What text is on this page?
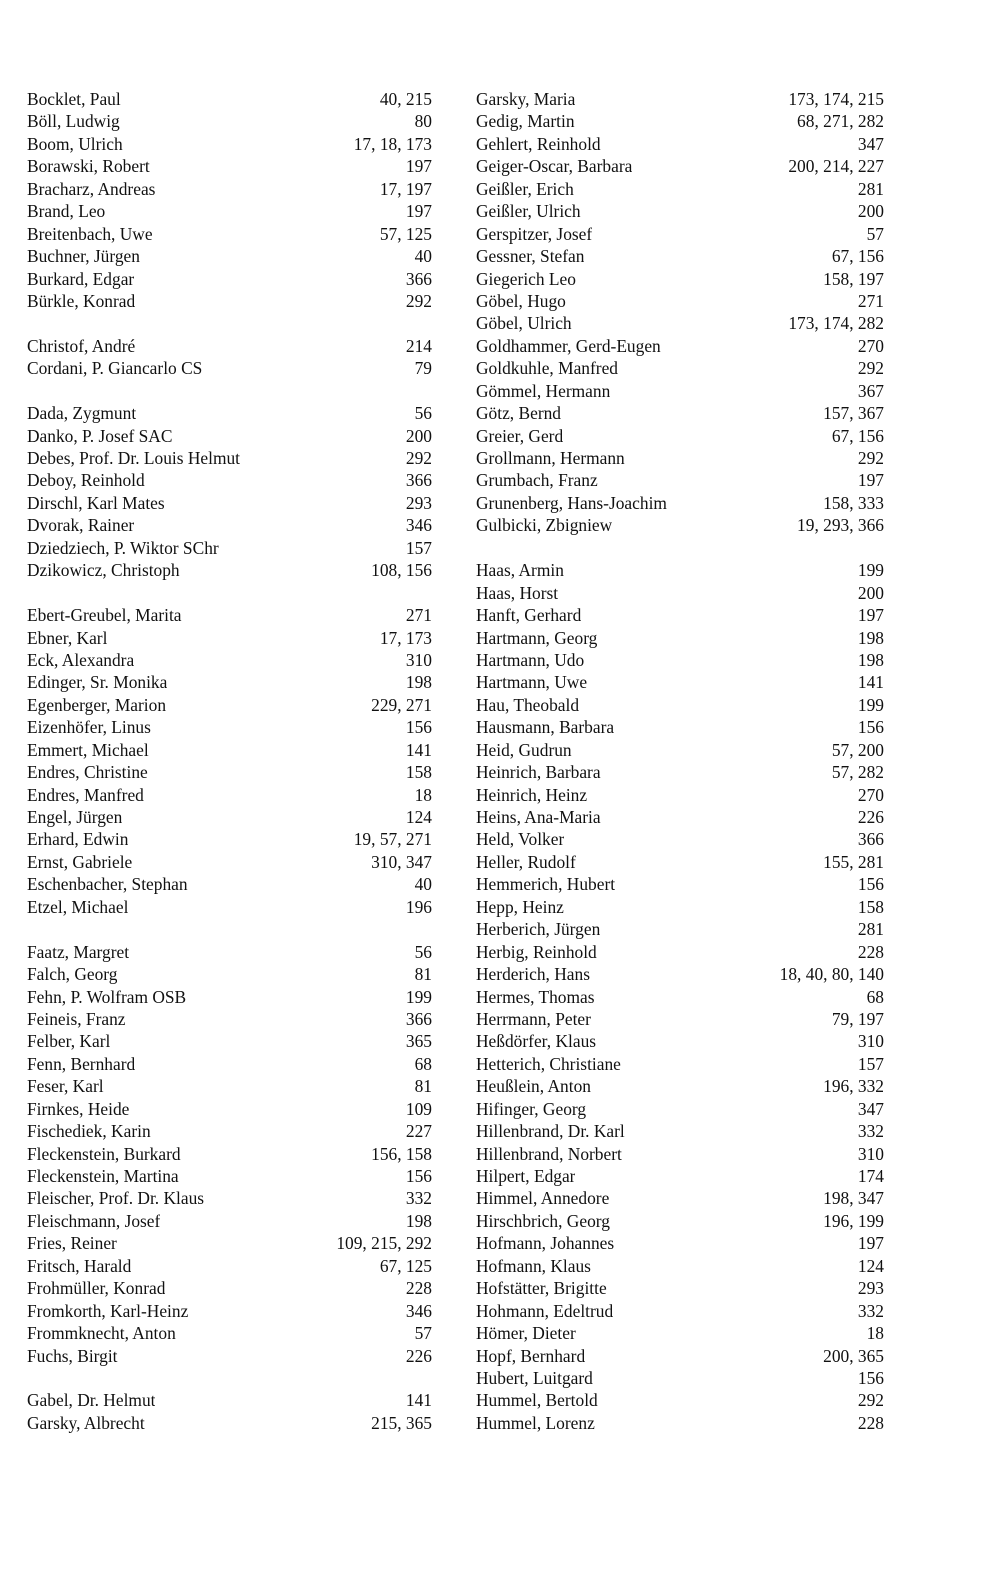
Bocklet, Paul	40, 215
Böll, Ludwig	80
Boom, Ulrich	17, 18, 173
Borawski, Robert	197
Bracharz, Andreas	17, 197
Brand, Leo	197
Breitenbach, Uwe	57, 125
Buchner, Jürgen	40
Burkard, Edgar	366
Bürkle, Konrad	292
Christof, André	214
Cordani, P. Giancarlo CS	79
Dada, Zygmunt	56
Danko, P. Josef SAC	200
Debes, Prof. Dr. Louis Helmut	292
Deboy, Reinhold	366
Dirschl, Karl Mates	293
Dvorak, Rainer	346
Dziedziech, P. Wiktor SChr	157
Dzikowicz, Christoph	108, 156
Ebert-Greubel, Marita	271
Ebner, Karl	17, 173
Eck, Alexandra	310
Edinger, Sr. Monika	198
Egenberger, Marion	229, 271
Eizenhöfer, Linus	156
Emmert, Michael	141
Endres, Christine	158
Endres, Manfred	18
Engel, Jürgen	124
Erhard, Edwin	19, 57, 271
Ernst, Gabriele	310, 347
Eschenbacher, Stephan	40
Etzel, Michael	196
Faatz, Margret	56
Falch, Georg	81
Fehn, P. Wolfram OSB	199
Feineis, Franz	366
Felber, Karl	365
Fenn, Bernhard	68
Feser, Karl	81
Firnkes, Heide	109
Fischediek, Karin	227
Fleckenstein, Burkard	156, 158
Fleckenstein, Martina	156
Fleischer, Prof. Dr. Klaus	332
Fleischmann, Josef	198
Fries, Reiner	109, 215, 292
Fritsch, Harald	67, 125
Frohmüller, Konrad	228
Fromkorth, Karl-Heinz	346
Frommknecht, Anton	57
Fuchs, Birgit	226
Gabel, Dr. Helmut	141
Garsky, Albrecht	215, 365
Garsky, Maria	173, 174, 215
Gedig, Martin	68, 271, 282
Gehlert, Reinhold	347
Geiger-Oscar, Barbara	200, 214, 227
Geißler, Erich	281
Geißler, Ulrich	200
Gerspitzer, Josef	57
Gessner, Stefan	67, 156
Giegerich Leo	158, 197
Göbel, Hugo	271
Göbel, Ulrich	173, 174, 282
Goldhammer, Gerd-Eugen	270
Goldkuhle, Manfred	292
Gömmel, Hermann	367
Götz, Bernd	157, 367
Greier, Gerd	67, 156
Grollmann, Hermann	292
Grumbach, Franz	197
Grunenberg, Hans-Joachim	158, 333
Gulbicki, Zbigniew	19, 293, 366
Haas, Armin	199
Haas, Horst	200
Hanft, Gerhard	197
Hartmann, Georg	198
Hartmann, Udo	198
Hartmann, Uwe	141
Hau, Theobald	199
Hausmann, Barbara	156
Heid, Gudrun	57, 200
Heinrich, Barbara	57, 282
Heinrich, Heinz	270
Heins, Ana-Maria	226
Held, Volker	366
Heller, Rudolf	155, 281
Hemmerich, Hubert	156
Hepp, Heinz	158
Herberich, Jürgen	281
Herbig, Reinhold	228
Herderich, Hans	18, 40, 80, 140
Hermes, Thomas	68
Herrmann, Peter	79, 197
Heßdörfer, Klaus	310
Hetterich, Christiane	157
Heußlein, Anton	196, 332
Hifinger, Georg	347
Hillenbrand, Dr. Karl	332
Hillenbrand, Norbert	310
Hilpert, Edgar	174
Himmel, Annedore	198, 347
Hirschbrich, Georg	196, 199
Hofmann, Johannes	197
Hofmann, Klaus	124
Hofstätter, Brigitte	293
Hohmann, Edeltrud	332
Hömer, Dieter	18
Hopf, Bernhard	200, 365
Hubert, Luitgard	156
Hummel, Bertold	292
Hummel, Lorenz	228
